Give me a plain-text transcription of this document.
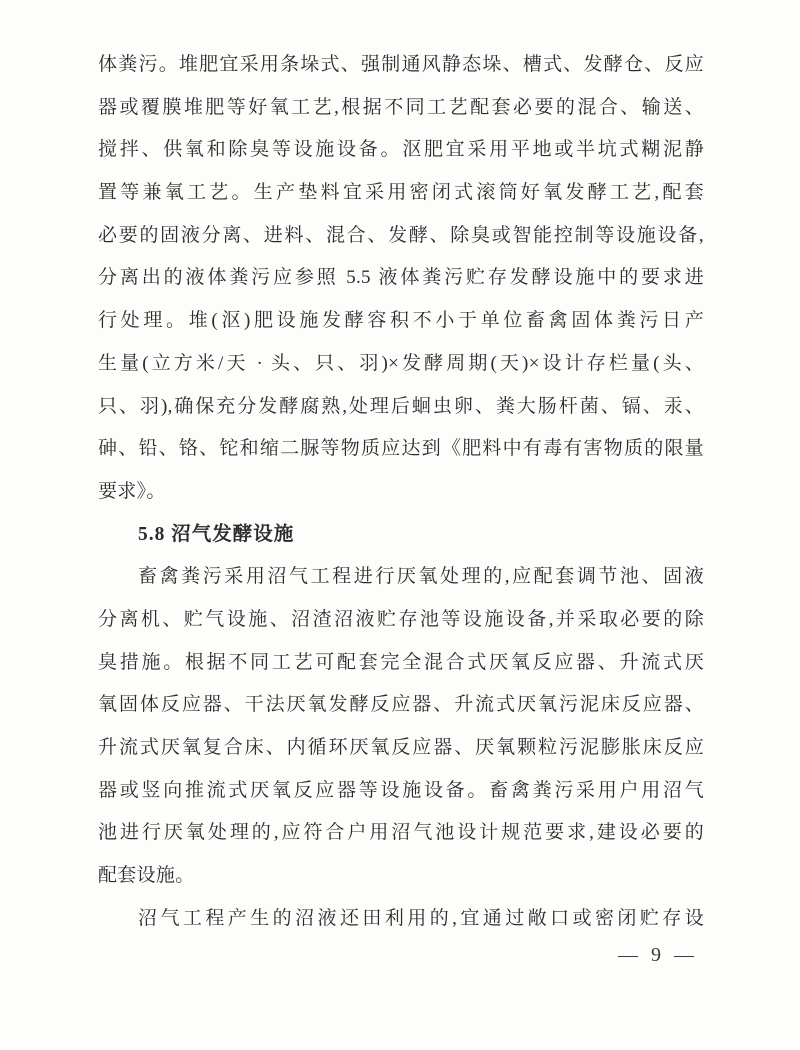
体粪污。堆肥宜采用条垛式、强制通风静态垛、槽式、发酵仓、反应
器或覆膜堆肥等好氧工艺,根据不同工艺配套必要的混合、输送、
搅拌、供氧和除臭等设施设备。沤肥宜采用平地或半坑式糊泥静
置等兼氧工艺。生产垫料宜采用密闭式滚筒好氧发酵工艺,配套
必要的固液分离、进料、混合、发酵、除臭或智能控制等设施设备,
分离出的液体粪污应参照 5.5 液体粪污贮存发酵设施中的要求进
行处理。堆(沤)肥设施发酵容积不小于单位畜禽固体粪污日产
生量(立方米/天 · 头、只、羽)×发酵周期(天)×设计存栏量(头、
只、羽),确保充分发酵腐熟,处理后蛔虫卵、粪大肠杆菌、镉、汞、
砷、铅、铬、铊和缩二脲等物质应达到《肥料中有毒有害物质的限量
要求》。
5.8 沼气发酵设施
畜禽粪污采用沼气工程进行厌氧处理的,应配套调节池、固液
分离机、贮气设施、沼渣沼液贮存池等设施设备,并采取必要的除
臭措施。根据不同工艺可配套完全混合式厌氧反应器、升流式厌
氧固体反应器、干法厌氧发酵反应器、升流式厌氧污泥床反应器、
升流式厌氧复合床、内循环厌氧反应器、厌氧颗粒污泥膨胀床反应
器或竖向推流式厌氧反应器等设施设备。畜禽粪污采用户用沼气
池进行厌氧处理的,应符合户用沼气池设计规范要求,建设必要的
配套设施。
沼气工程产生的沼液还田利用的,宜通过敞口或密闭贮存设
— 9 —
